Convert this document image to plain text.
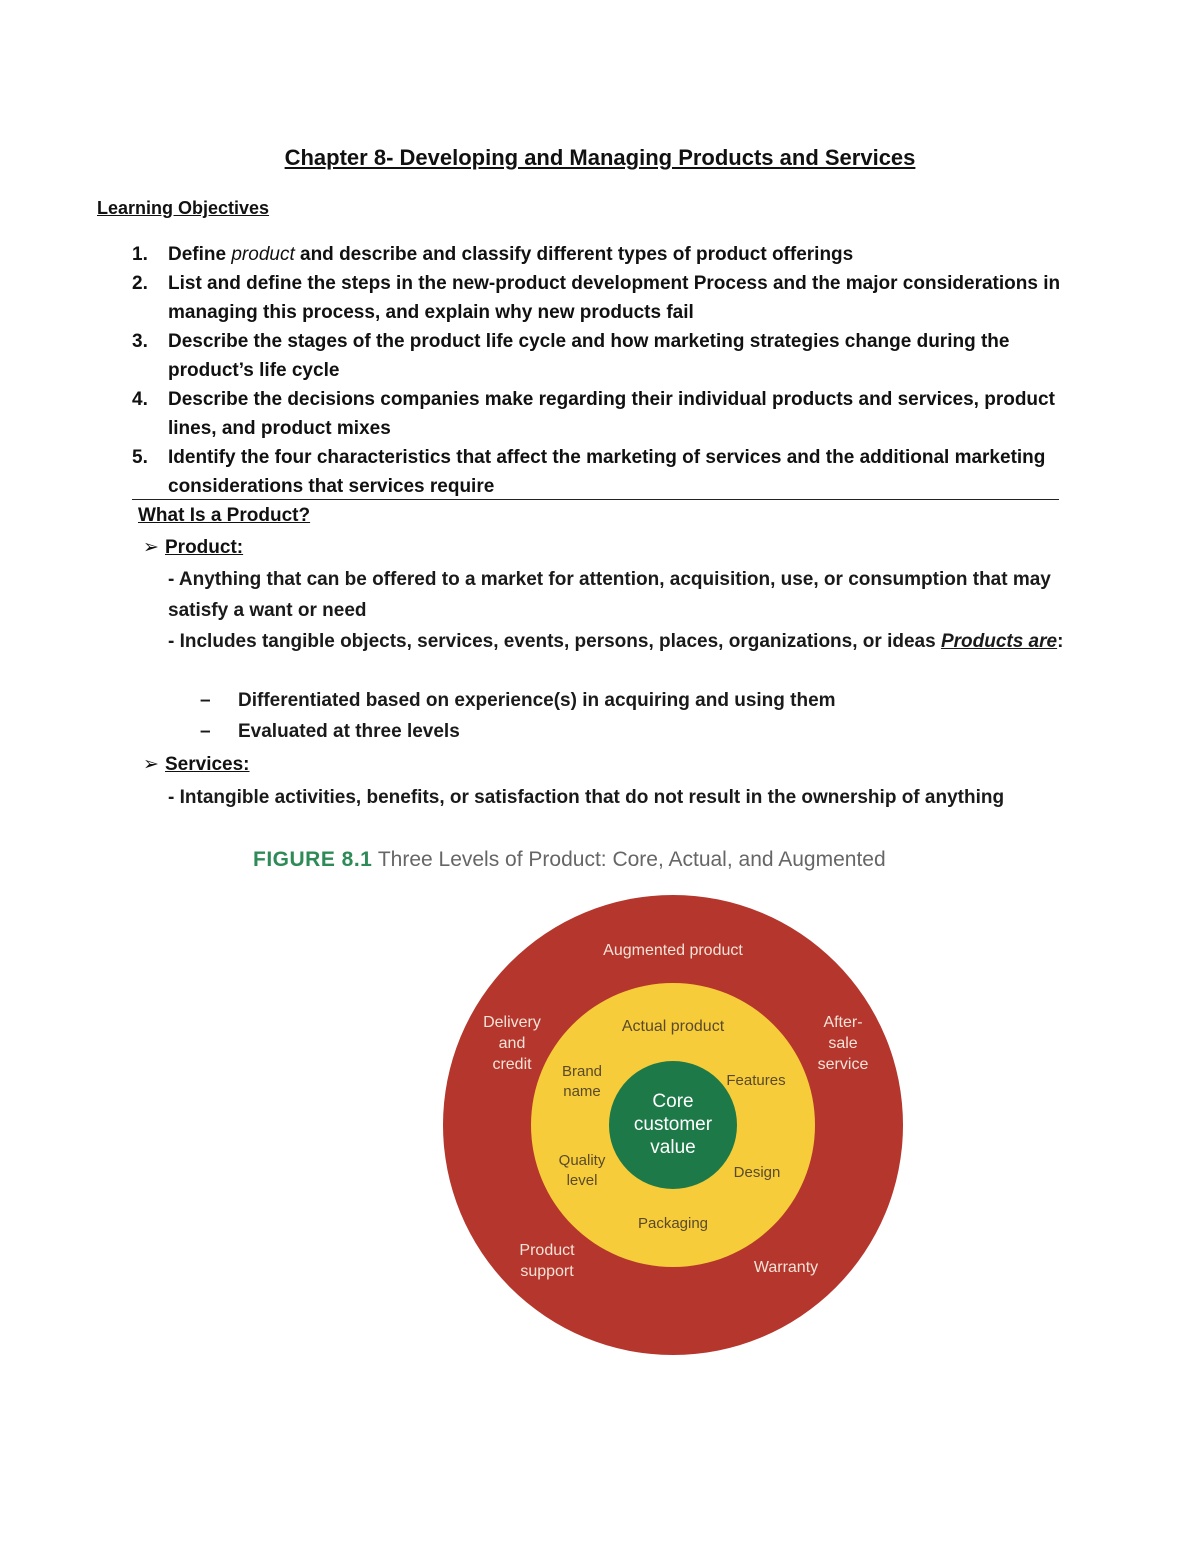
Chapter 8- Developing and Managing Products and Services
Learning Objectives
1. Define product and describe and classify different types of product offerings
2. List and define the steps in the new-product development Process and the major considerations in managing this process, and explain why new products fail
3. Describe the stages of the product life cycle and how marketing strategies change during the product’s life cycle
4. Describe the decisions companies make regarding their individual products and services, product lines, and product mixes
5. Identify the four characteristics that affect the marketing of services and the additional marketing considerations that services require
What Is a Product?
➢ Product:
- Anything that can be offered to a market for attention, acquisition, use, or consumption that may satisfy a want or need
- Includes tangible objects, services, events, persons, places, organizations, or ideas Products are:
– Differentiated based on experience(s) in acquiring and using them
– Evaluated at three levels
➢ Services:
- Intangible activities, benefits, or satisfaction that do not result in the ownership of anything
FIGURE 8.1 Three Levels of Product: Core, Actual, and Augmented
Augmented product
Delivery
and
credit
After-
sale
service
Product
support	Warranty
Actual product
Brand
name
Features
Quality
level	Design
Packaging
Core
customer
value
